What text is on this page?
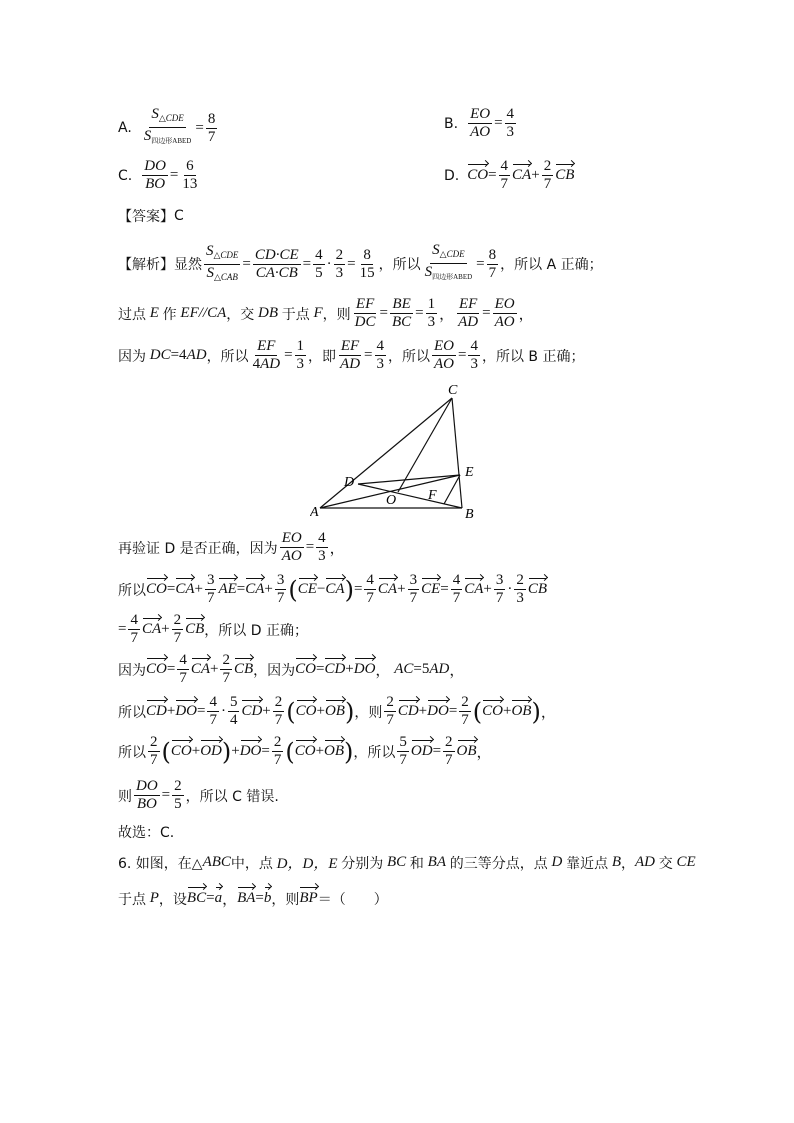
A. $\frac{S_{\triangle CDE}}{S_{四边形ABED}} = \frac{8}{7}$	B. $\frac{EO}{AO} = \frac{4}{3}$
C. $\frac{DO}{BO} = \frac{6}{13}$	D. CO = $\frac{4}{7}$ CA + $\frac{2}{7}$ CB
【答案】 C
【解析】 显然 $\frac{S_{\triangle CDE}}{S_{\triangle CAB}} = \frac{CD\cdot CE}{CA\cdot CB} = \frac{4}{5} \cdot \frac{2}{3} = \frac{8}{15}$ ，所以 $\frac{S_{\triangle CDE}}{S_{四边形ABED}} = \frac{8}{7}$ ，所以 A 正确；
过点 E 作 EF//CA ，交 DB 于点 F ，则 $\frac{EF}{DC} = \frac{BE}{BC} = \frac{1}{3}$ ， $\frac{EF}{AD} = \frac{EO}{AO}$ ，
因为 DC =4 AD ，所以 $\frac{EF}{4AD} = \frac{1}{3}$ ，即 $\frac{EF}{AD} = \frac{4}{3}$ ，所以 $\frac{EO}{AO} = \frac{4}{3}$ ，所以 B 正确；
C
D
E
O F
A	B
再验证 D 是否正确，因为 $\frac{EO}{AO} = \frac{4}{3}$ ，
所以 CO = CA + $\frac{3}{7}$ AE = CA + $\frac{3}{7}$ ( CE − CA ) = $\frac{4}{7}$ CA + $\frac{3}{7}$ CE = $\frac{4}{7}$ CA + $\frac{3}{7} \cdot \frac{2}{3}$ CB
= $\frac{4}{7}$ CA + $\frac{2}{7}$ CB ，所以 D 正确；
因为 CO = $\frac{4}{7}$ CA + $\frac{2}{7}$ CB ，因为 CO = CD + DO ， AC =5 AD ，
所以 CD + DO = $\frac{4}{7} \cdot \frac{5}{4}$ CD + $\frac{2}{7}$ ( CO + OB ) ，则 $\frac{2}{7}$ CD + DO = $\frac{2}{7}$ ( CO + OB ) ，
所以 $\frac{2}{7}$ ( CO + OD ) + DO = $\frac{2}{7}$ ( CO + OB ) ，所以 $\frac{5}{7}$ OD = $\frac{2}{7}$ OB ，
则 $\frac{DO}{BO} = \frac{2}{5}$ ，所以 C 错误.
故选：C.
6. 如图，在△ ABC 中，点 D，D，E 分别为 BC 和 BA 的三等分点，点 D 靠近点 B ， AD 交 CE
于点 P ，设 BC = a ， BA = b ，则 BP ＝（　　）
